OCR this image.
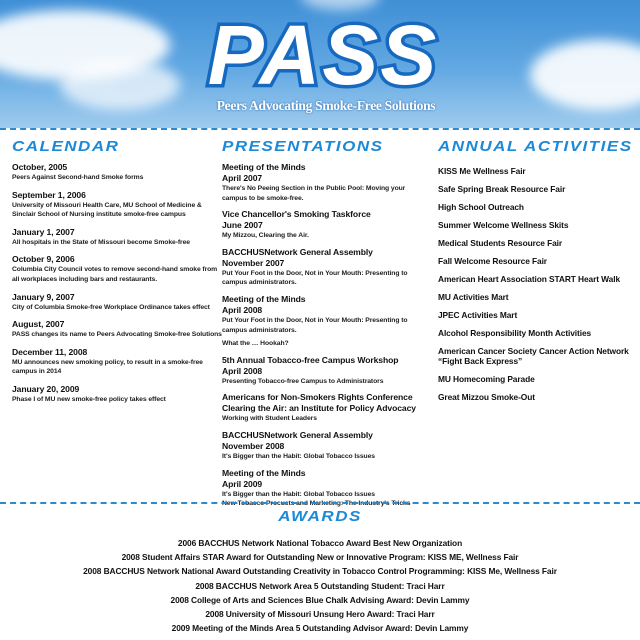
PASS
Peers Advocating Smoke-Free Solutions
CALENDAR
October, 2005
Peers Against Second-hand Smoke forms
September 1, 2006
University of Missouri Health Care, MU School of Medicine & Sinclair School of Nursing institute smoke-free campus
January 1, 2007
All hospitals in the State of Missouri become Smoke-free
October 9, 2006
Columbia City Council votes to remove second-hand smoke from all workplaces including bars and restaurants.
January 9, 2007
City of Columbia Smoke-free Workplace Ordinance takes effect
August, 2007
PASS changes its name to Peers Advocating Smoke-free Solutions
December 11, 2008
MU announces new smoking policy, to result in a smoke-free campus in 2014
January 20, 2009
Phase I of MU new smoke-free policy takes effect
PRESENTATIONS
Meeting of the Minds
April 2007
There's No Peeing Section in the Public Pool: Moving your campus to be smoke-free.
Vice Chancellor's Smoking Taskforce
June 2007
My Mizzou, Clearing the Air.
BACCHUSNetwork General Assembly
November 2007
Put Your Foot in the Door, Not in Your Mouth: Presenting to campus administrators.
Meeting of the Minds
April 2008
Put Your Foot in the Door, Not in Your Mouth: Presenting to campus administrators.
What the … Hookah?
5th Annual Tobacco-free Campus Workshop
April 2008
Presenting Tobacco-free Campus to Administrators
Americans for Non-Smokers Rights Conference
Clearing the Air: an Institute for Policy Advocacy
Working with Student Leaders
BACCHUSNetwork General Assembly
November 2008
It's Bigger than the Habit: Global Tobacco Issues
Meeting of the Minds
April 2009
It's Bigger than the Habit: Global Tobacco Issues
New Tobacco Procucts and Marketing: The Industry's Tricks
ANNUAL ACTIVITIES
KISS Me Wellness Fair
Safe Spring Break Resource Fair
High School Outreach
Summer Welcome Wellness Skits
Medical Students Resource Fair
Fall Welcome Resource Fair
American Heart Association START Heart Walk
MU Activities Mart
JPEC Activities Mart
Alcohol Responsibility Month Activities
American Cancer Society Cancer Action Network “Fight Back Express”
MU Homecoming Parade
Great Mizzou Smoke-Out
AWARDS
2006 BACCHUS Network National Tobacco Award Best New Organization
2008 Student Affairs STAR Award for Outstanding New or Innovative Program: KISS ME, Wellness Fair
2008 BACCHUS Network National Award Outstanding Creativity in Tobacco Control Programming: KISS Me, Wellness Fair
2008 BACCHUS Network Area 5 Outstanding Student: Traci Harr
2008 College of Arts and Sciences Blue Chalk Advising Award: Devin Lammy
2008 University of Missouri Unsung Hero Award: Traci Harr
2009 Meeting of the Minds Area 5 Outstanding Advisor Award: Devin Lammy
